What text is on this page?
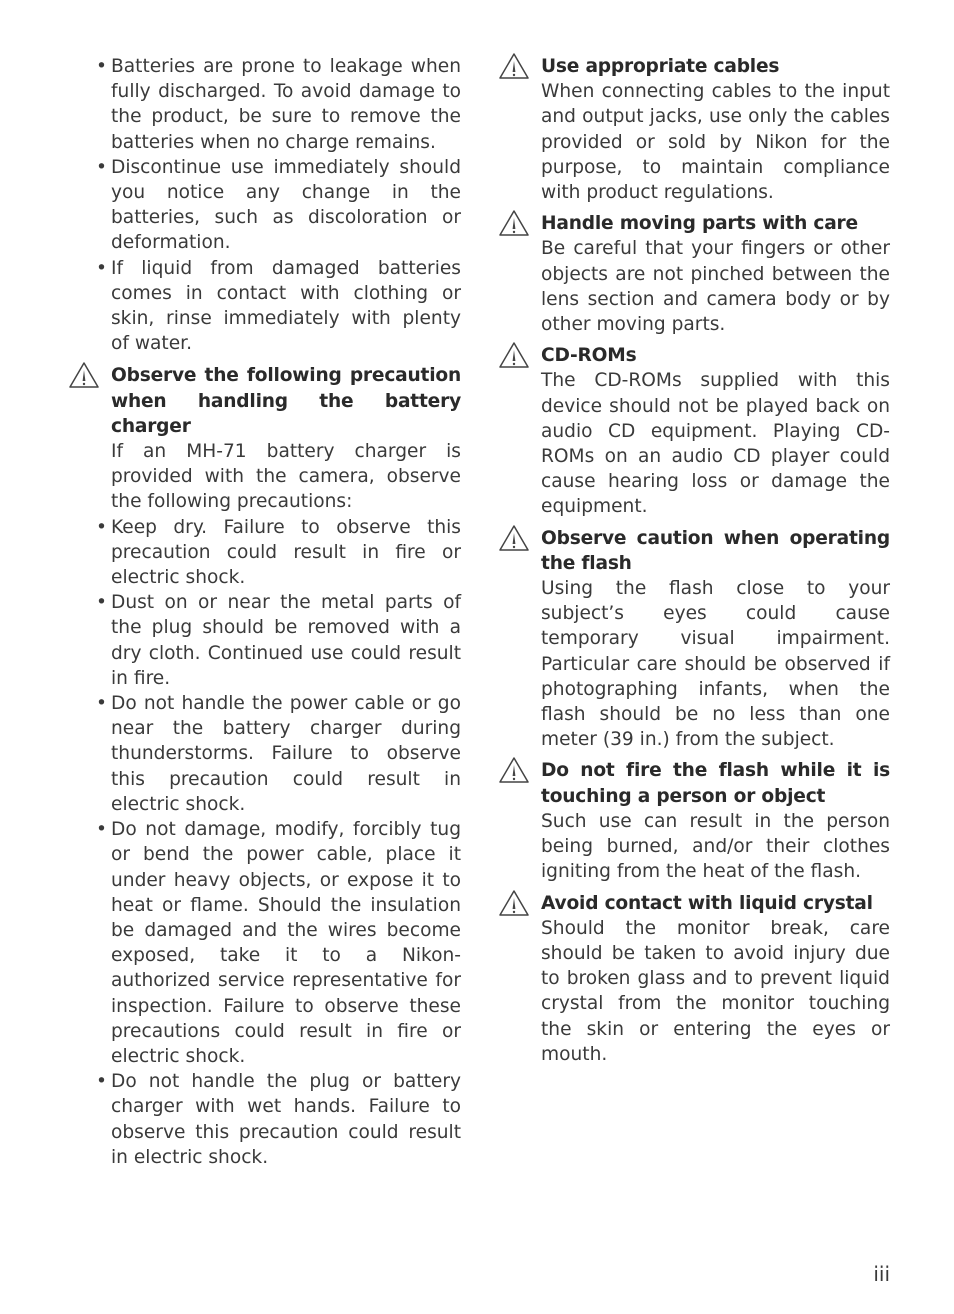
• Batteries are prone to leakage when fully discharged. To avoid damage to the product, be sure to remove the batteries when no charge remains.

• Discontinue use immediately should you notice any change in the batteries, such as discoloration or deformation.

• If liquid from damaged batteries comes in contact with clothing or skin, rinse immediately with plenty of water.

Observe the following precaution when handling the battery charger

If an MH-71 battery charger is provided with the camera, observe the following precautions:

• Keep dry. Failure to observe this precaution could result in fire or electric shock.

• Dust on or near the metal parts of the plug should be removed with a dry cloth. Continued use could result in fire.

• Do not handle the power cable or go near the battery charger during thunderstorms. Failure to observe this precaution could result in electric shock.

• Do not damage, modify, forcibly tug or bend the power cable, place it under heavy objects, or expose it to heat or flame. Should the insulation be damaged and the wires become exposed, take it to a Nikon-authorized service representative for inspection. Failure to observe these precautions could result in fire or electric shock.

• Do not handle the plug or battery charger with wet hands. Failure to observe this precaution could result in electric shock.

Use appropriate cables

When connecting cables to the input and output jacks, use only the cables provided or sold by Nikon for the purpose, to maintain compliance with product regulations.

Handle moving parts with care

Be careful that your fingers or other objects are not pinched between the lens section and camera body or by other moving parts.

CD-ROMs

The CD-ROMs supplied with this device should not be played back on audio CD equipment. Playing CD-ROMs on an audio CD player could cause hearing loss or damage the equipment.

Observe caution when operating the flash

Using the flash close to your subject’s eyes could cause temporary visual impairment. Particular care should be observed if photographing infants, when the flash should be no less than one meter (39 in.) from the subject.

Do not fire the flash while it is touching a person or object

Such use can result in the person being burned, and/or their clothes igniting from the heat of the flash.

Avoid contact with liquid crystal

Should the monitor break, care should be taken to avoid injury due to broken glass and to prevent liquid crystal from the monitor touching the skin or entering the eyes or mouth.

iii
